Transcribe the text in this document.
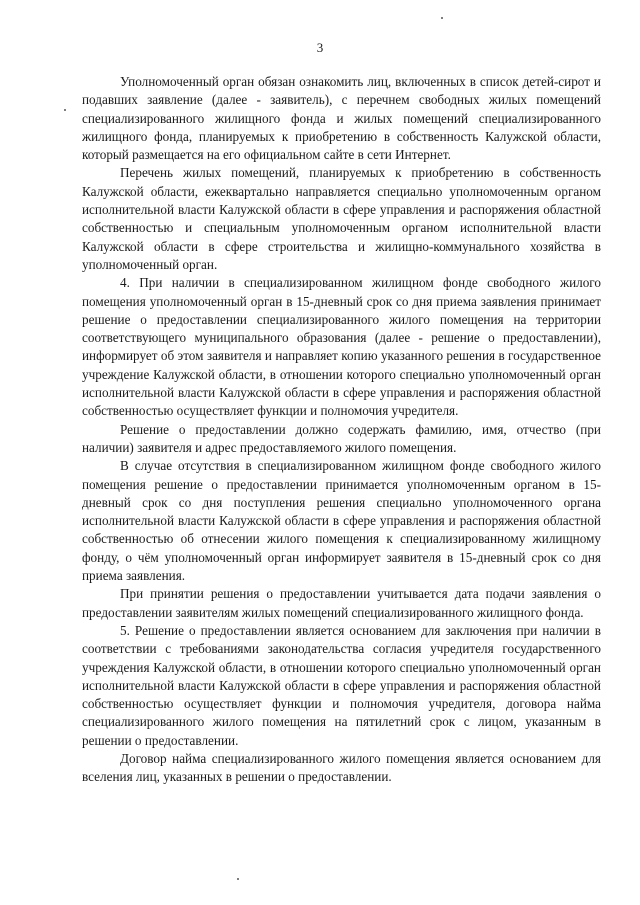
3

Уполномоченный орган обязан ознакомить лиц, включенных в список детей-сирот и подавших заявление (далее - заявитель), с перечнем свободных жилых помещений специализированного жилищного фонда и жилых помещений специализированного жилищного фонда, планируемых к приобретению в собственность Калужской области, который размещается на его официальном сайте в сети Интернет.

Перечень жилых помещений, планируемых к приобретению в собственность Калужской области, ежеквартально направляется специально уполномоченным органом исполнительной власти Калужской области в сфере управления и распоряжения областной собственностью и специальным уполномоченным органом исполнительной власти Калужской области в сфере строительства и жилищно-коммунального хозяйства в уполномоченный орган.

4. При наличии в специализированном жилищном фонде свободного жилого помещения уполномоченный орган в 15-дневный срок со дня приема заявления принимает решение о предоставлении специализированного жилого помещения на территории соответствующего муниципального образования (далее - решение о предоставлении), информирует об этом заявителя и направляет копию указанного решения в государственное учреждение Калужской области, в отношении которого специально уполномоченный орган исполнительной власти Калужской области в сфере управления и распоряжения областной собственностью осуществляет функции и полномочия учредителя.

Решение о предоставлении должно содержать фамилию, имя, отчество (при наличии) заявителя и адрес предоставляемого жилого помещения.

В случае отсутствия в специализированном жилищном фонде свободного жилого помещения решение о предоставлении принимается уполномоченным органом в 15-дневный срок со дня поступления решения специально уполномоченного органа исполнительной власти Калужской области в сфере управления и распоряжения областной собственностью об отнесении жилого помещения к специализированному жилищному фонду, о чём уполномоченный орган информирует заявителя в 15-дневный срок со дня приема заявления.

При принятии решения о предоставлении учитывается дата подачи заявления о предоставлении заявителям жилых помещений специализированного жилищного фонда.

5. Решение о предоставлении является основанием для заключения при наличии в соответствии с требованиями законодательства согласия учредителя государственного учреждения Калужской области, в отношении которого специально уполномоченный орган исполнительной власти Калужской области в сфере управления и распоряжения областной собственностью осуществляет функции и полномочия учредителя, договора найма специализированного жилого помещения на пятилетний срок с лицом, указанным в решении о предоставлении.

Договор найма специализированного жилого помещения является основанием для вселения лиц, указанных в решении о предоставлении.
